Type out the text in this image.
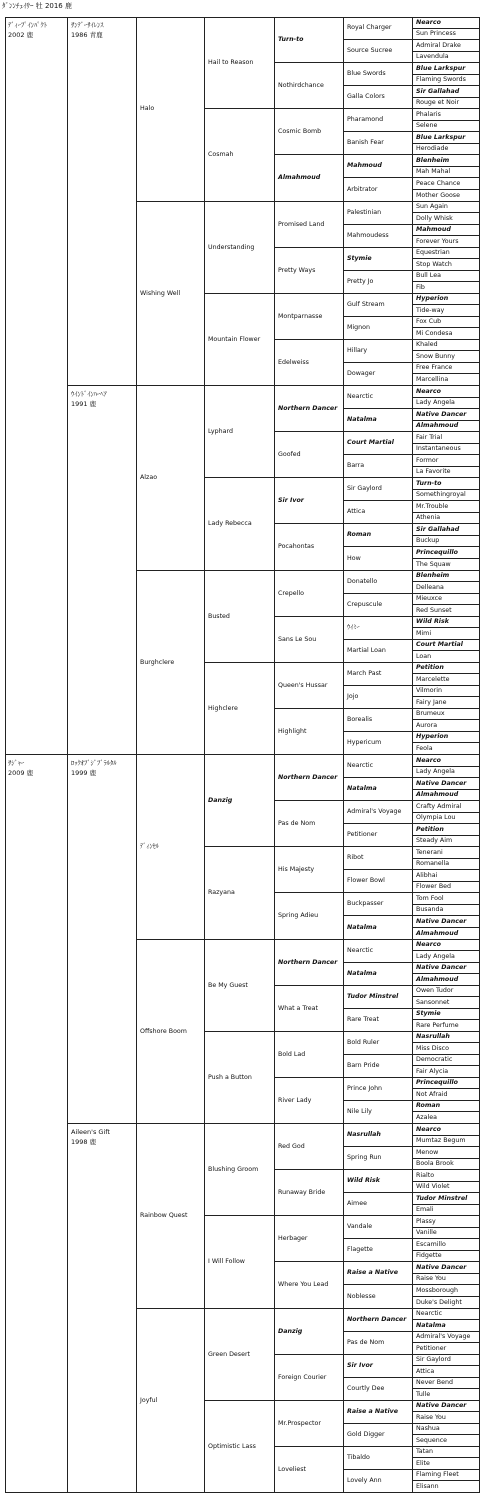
ﾀﾞﾝﾝﾁｪｲｻｰ 牡 2016 鹿
ﾃﾞｨｰﾌﾟｲﾝﾊﾟｸﾄ
2002 鹿
ｻｼﾞｬｰ
2009 鹿
ｻﾝﾃﾞｰｻｲﾚﾝｽ
1986 青鹿
ｳｲﾝﾄﾞｲﾝﾊｰﾍｱ
1991 鹿
ﾛｯｸｵﾌﾞｼﾞﾌﾞﾗﾙﾀﾙ
1999 鹿
Aileen's Gift
1998 鹿
Halo
Wishing Well
Alzao
Burghclere
ﾃﾞｨﾝｾﾙ
Offshore Boom
Rainbow Quest
Joyful
Hail to Reason
Cosmah
Understanding
Mountain Flower
Lyphard
Lady Rebecca
Busted
Highclere
Danzig
Razyana
Be My Guest
Push a Button
Blushing Groom
I Will Follow
Green Desert
Optimistic Lass
Turn-to
Nothirdchance
Cosmic Bomb
Almahmoud
Promised Land
Pretty Ways
Montparnasse
Edelweiss
Northern Dancer
Goofed
Sir Ivor
Pocahontas
Crepello
Sans Le Sou
Queen's Hussar
Highlight
Northern Dancer
Pas de Nom
His Majesty
Spring Adieu
Northern Dancer
What a Treat
Bold Lad
River Lady
Red God
Runaway Bride
Herbager
Where You Lead
Danzig
Foreign Courier
Mr.Prospector
Loveliest
Royal Charger
Source Sucree
Blue Swords
Galla Colors
Pharamond
Banish Fear
Mahmoud
Arbitrator
Palestinian
Mahmoudess
Stymie
Pretty Jo
Gulf Stream
Mignon
Hillary
Dowager
Nearctic
Natalma
Court Martial
Barra
Sir Gaylord
Attica
Roman
How
Donatello
Crepuscule
ｳｲﾐｰ
Martial Loan
March Past
Jojo
Borealis
Hypericum
Nearctic
Natalma
Admiral's Voyage
Petitioner
Ribot
Flower Bowl
Buckpasser
Natalma
Nearctic
Natalma
Tudor Minstrel
Rare Treat
Bold Ruler
Barn Pride
Prince John
Nile Lily
Nasrullah
Spring Run
Wild Risk
Aimee
Vandale
Flagette
Raise a Native
Noblesse
Northern Dancer
Pas de Nom
Sir Ivor
Courtly Dee
Raise a Native
Gold Digger
Tibaldo
Lovely Ann
Nearco
Sun Princess
Admiral Drake
Lavendula
Blue Larkspur
Flaming Swords
Sir Gallahad
Rouge et Noir
Phalaris
Selene
Blue Larkspur
Herodiade
Blenheim
Mah Mahal
Peace Chance
Mother Goose
Sun Again
Dolly Whisk
Mahmoud
Forever Yours
Equestrian
Stop Watch
Bull Lea
Fib
Hyperion
Tide-way
Fox Cub
Mi Condesa
Khaled
Snow Bunny
Free France
Marcellina
Nearco
Lady Angela
Native Dancer
Almahmoud
Fair Trial
Instantaneous
Formor
La Favorite
Turn-to
Somethingroyal
Mr.Trouble
Athenia
Sir Gallahad
Buckup
Princequillo
The Squaw
Blenheim
Delleana
Mieuxce
Red Sunset
Wild Risk
Mimi
Court Martial
Loan
Petition
Marcelette
Vilmorin
Fairy Jane
Brumeux
Aurora
Hyperion
Feola
Nearco
Lady Angela
Native Dancer
Almahmoud
Crafty Admiral
Olympia Lou
Petition
Steady Aim
Tenerani
Romanella
Alibhai
Flower Bed
Tom Fool
Busanda
Native Dancer
Almahmoud
Nearco
Lady Angela
Native Dancer
Almahmoud
Owen Tudor
Sansonnet
Stymie
Rare Perfume
Nasrullah
Miss Disco
Democratic
Fair Alycia
Princequillo
Not Afraid
Roman
Azalea
Nearco
Mumtaz Begum
Menow
Boola Brook
Rialto
Wild Violet
Tudor Minstrel
Emali
Plassy
Vanille
Escamillo
Fidgette
Native Dancer
Raise You
Mossborough
Duke's Delight
Nearctic
Natalma
Admiral's Voyage
Petitioner
Sir Gaylord
Attica
Never Bend
Tulle
Native Dancer
Raise You
Nashua
Sequence
Tatan
Elite
Flaming Fleet
Elisann
